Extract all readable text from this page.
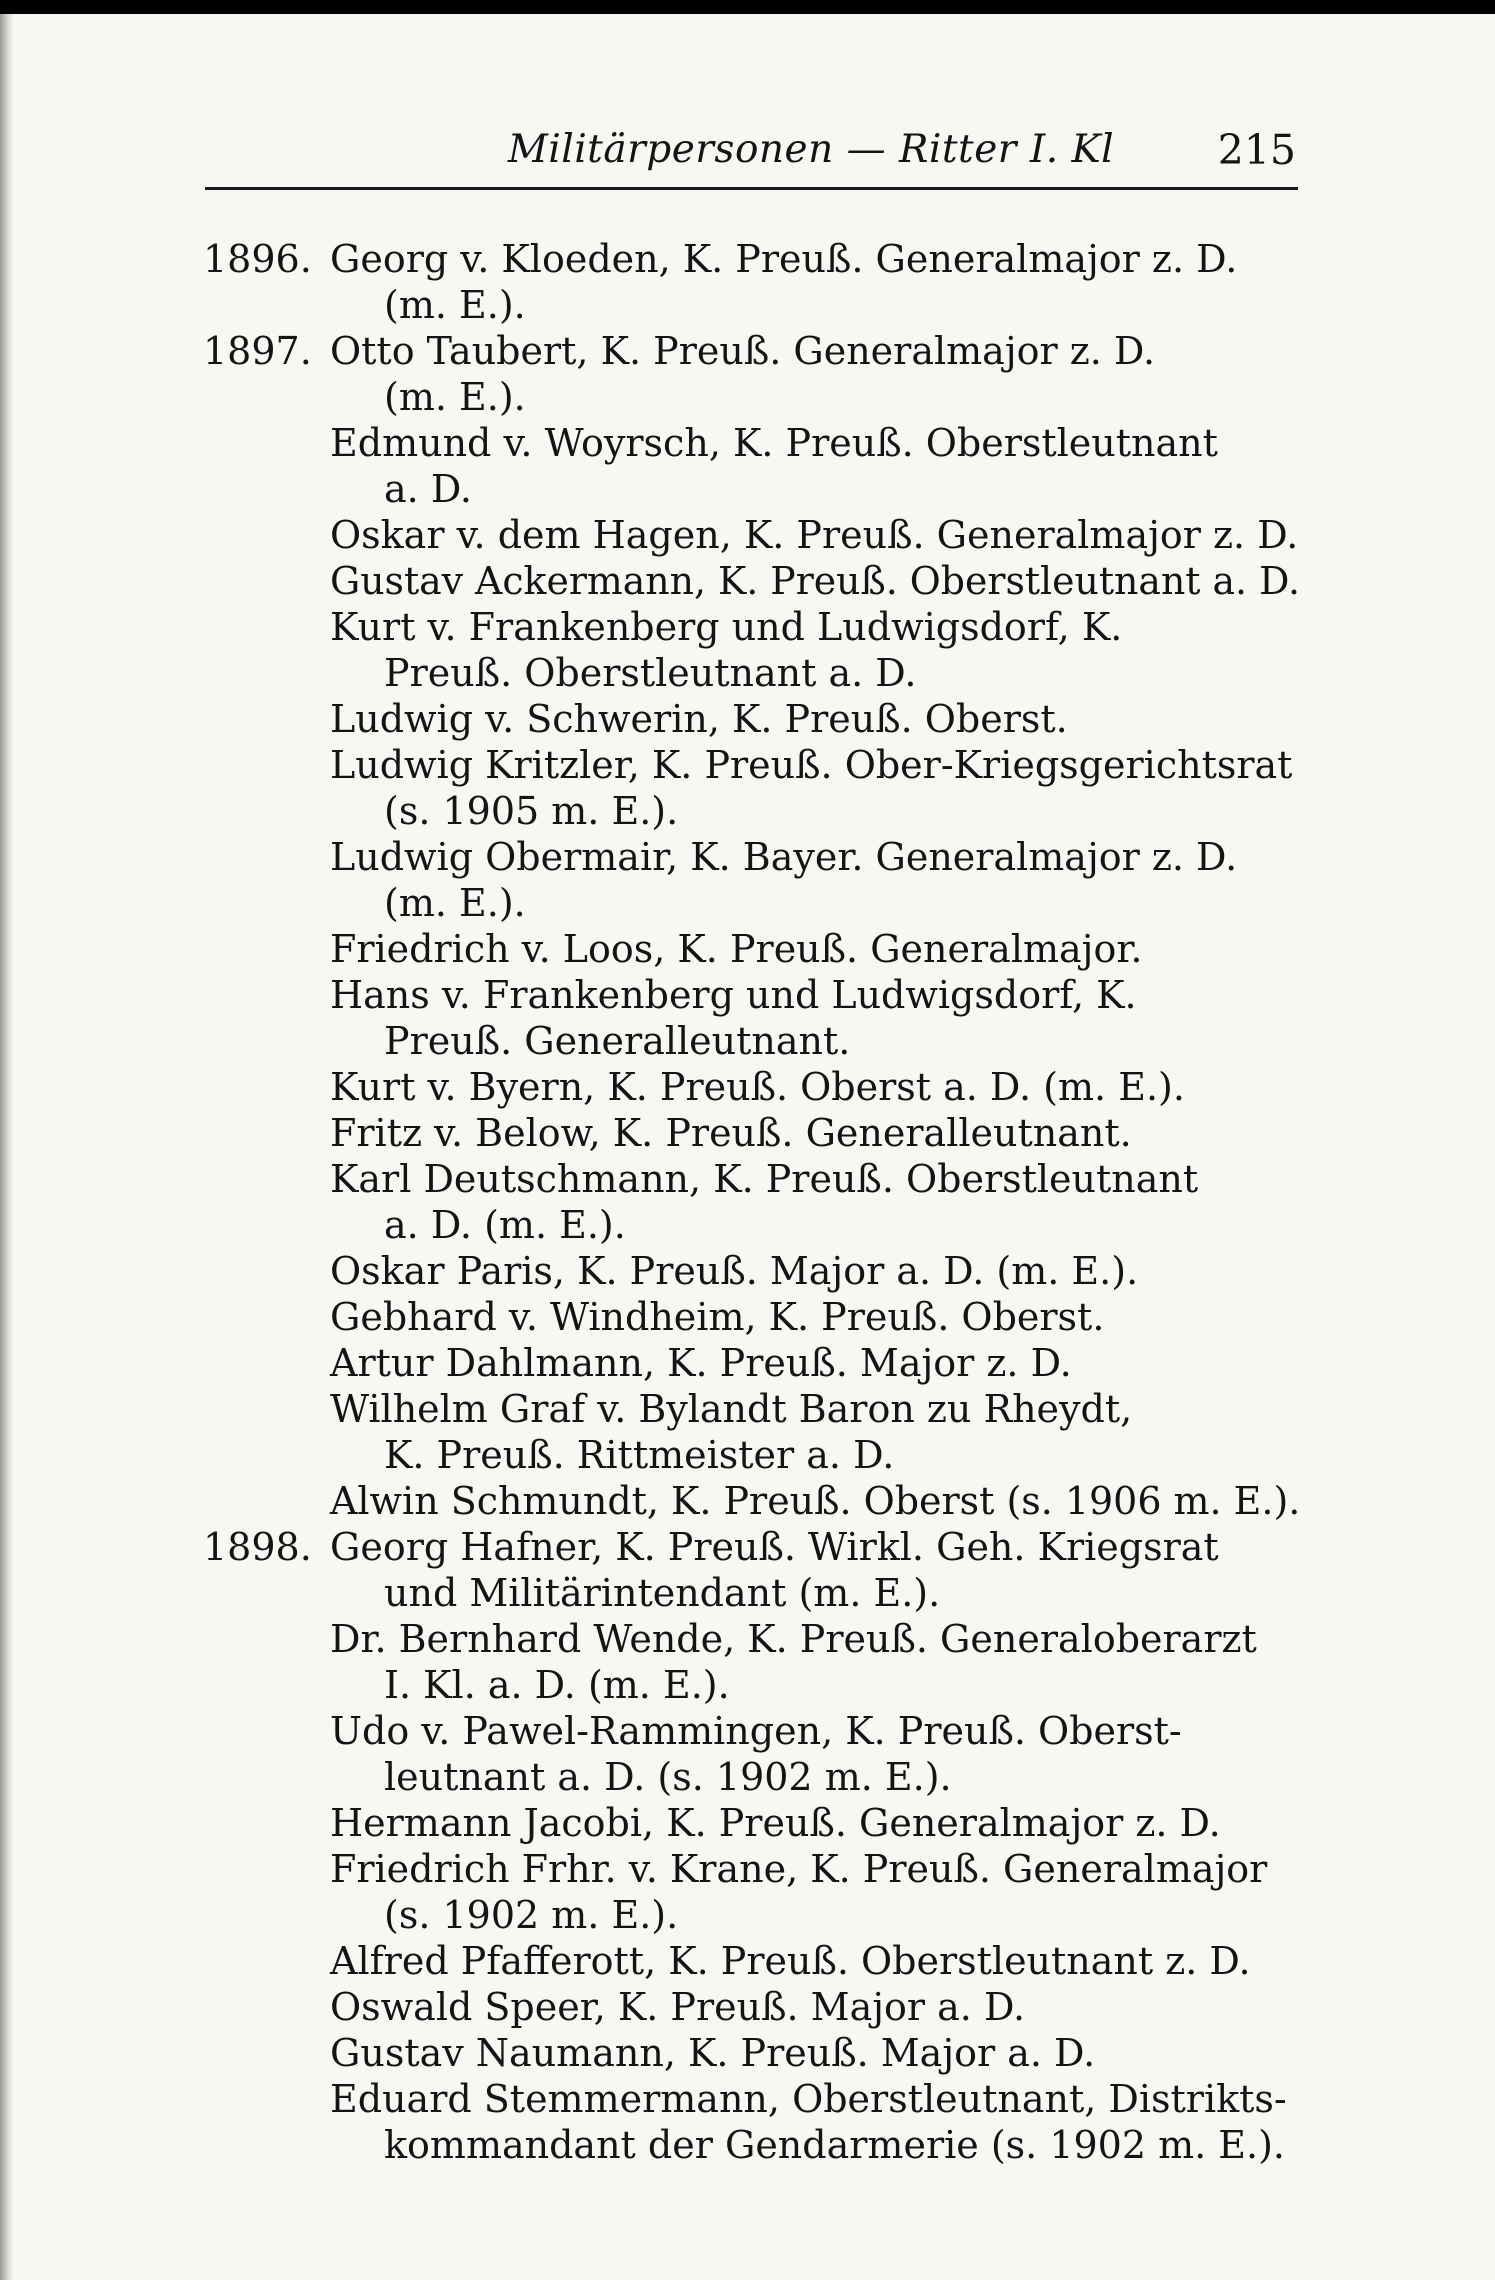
Militärpersonen — Ritter I. Kl	215
1896. Georg v. Kloeden, K. Preuß. Generalmajor z. D.
(m. E.).
1897. Otto Taubert, K. Preuß. Generalmajor z. D.
(m. E.).
Edmund v. Woyrsch, K. Preuß. Oberstleutnant
a. D.
Oskar v. dem Hagen, K. Preuß. Generalmajor z. D.
Gustav Ackermann, K. Preuß. Oberstleutnant a. D.
Kurt v. Frankenberg und Ludwigsdorf, K.
Preuß. Oberstleutnant a. D.
Ludwig v. Schwerin, K. Preuß. Oberst.
Ludwig Kritzler, K. Preuß. Ober-Kriegsgerichtsrat
(s. 1905 m. E.).
Ludwig Obermair, K. Bayer. Generalmajor z. D.
(m. E.).
Friedrich v. Loos, K. Preuß. Generalmajor.
Hans v. Frankenberg und Ludwigsdorf, K.
Preuß. Generalleutnant.
Kurt v. Byern, K. Preuß. Oberst a. D. (m. E.).
Fritz v. Below, K. Preuß. Generalleutnant.
Karl Deutschmann, K. Preuß. Oberstleutnant
a. D. (m. E.).
Oskar Paris, K. Preuß. Major a. D. (m. E.).
Gebhard v. Windheim, K. Preuß. Oberst.
Artur Dahlmann, K. Preuß. Major z. D.
Wilhelm Graf v. Bylandt Baron zu Rheydt,
K. Preuß. Rittmeister a. D.
Alwin Schmundt, K. Preuß. Oberst (s. 1906 m. E.).
1898. Georg Hafner, K. Preuß. Wirkl. Geh. Kriegsrat
und Militärintendant (m. E.).
Dr. Bernhard Wende, K. Preuß. Generaloberarzt
I. Kl. a. D. (m. E.).
Udo v. Pawel-Rammingen, K. Preuß. Oberst-
leutnant a. D. (s. 1902 m. E.).
Hermann Jacobi, K. Preuß. Generalmajor z. D.
Friedrich Frhr. v. Krane, K. Preuß. Generalmajor
(s. 1902 m. E.).
Alfred Pfafferott, K. Preuß. Oberstleutnant z. D.
Oswald Speer, K. Preuß. Major a. D.
Gustav Naumann, K. Preuß. Major a. D.
Eduard Stemmermann, Oberstleutnant, Distrikts-
kommandant der Gendarmerie (s. 1902 m. E.).
